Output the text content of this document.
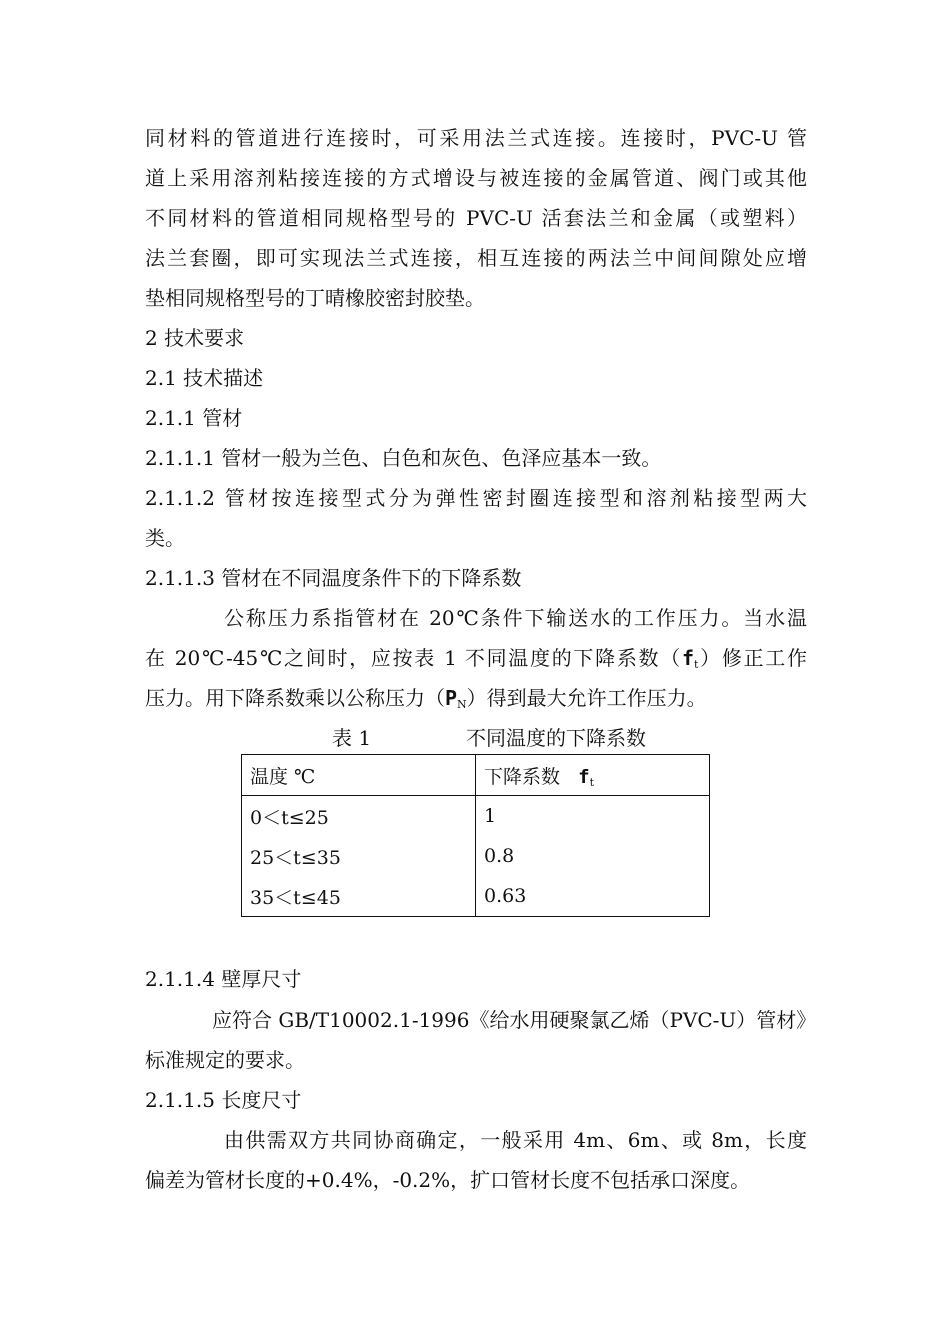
同材料的管道进行连接时，可采用法兰式连接。连接时，PVC-U 管
道上采用溶剂粘接连接的方式增设与被连接的金属管道、阀门或其他
不同材料的管道相同规格型号的 PVC-U 活套法兰和金属（或塑料）
法兰套圈，即可实现法兰式连接，相互连接的两法兰中间间隙处应增
垫相同规格型号的丁晴橡胶密封胶垫。
2 技术要求
2.1 技术描述
2.1.1 管材
2.1.1.1 管材一般为兰色、白色和灰色、色泽应基本一致。
2.1.1.2 管材按连接型式分为弹性密封圈连接型和溶剂粘接型两大
类。
2.1.1.3 管材在不同温度条件下的下降系数
公称压力系指管材在 20℃条件下输送水的工作压力。当水温
在 20℃-45℃之间时，应按表 1 不同温度的下降系数$(f_t)$修正工作
压力。用下降系数乘以公称压力$(P_N)$得到最大允许工作压力。
表 1	不同温度的下降系数
温度 ℃	下降系数 $f_t$
0＜t≤25	1
25＜t≤35	0.8
35＜t≤45	0.63
2.1.1.4 壁厚尺寸
应符合 GB/T10002.1-1996《给水用硬聚氯乙烯（PVC-U）管材》
标准规定的要求。
2.1.1.5 长度尺寸
由供需双方共同协商确定，一般采用 4m、6m、或 8m，长度
偏差为管材长度的+0.4%，-0.2%，扩口管材长度不包括承口深度。
